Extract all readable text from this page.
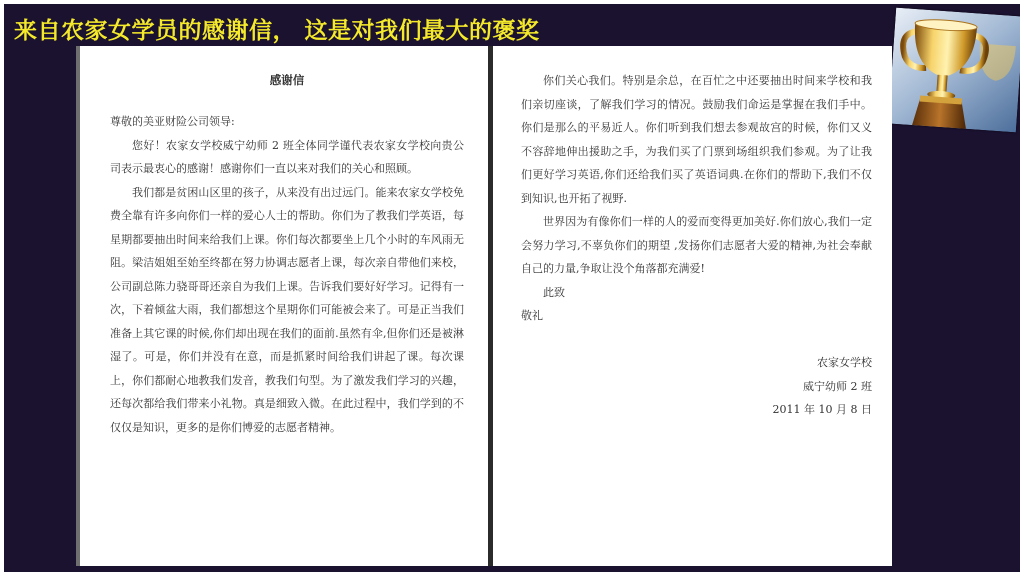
来自农家女学员的感谢信， 这是对我们最大的褒奖

感谢信

尊敬的美亚财险公司领导:

您好！农家女学校威宁幼师 2 班全体同学谨代表农家女学校向贵公司表示最衷心的感谢！感谢你们一直以来对我们的关心和照顾。

我们都是贫困山区里的孩子，从来没有出过远门。能来农家女学校免费全靠有许多向你们一样的爱心人士的帮助。你们为了教我们学英语，每星期都要抽出时间来给我们上课。你们每次都要坐上几个小时的车风雨无阻。梁洁姐姐至始至终都在努力协调志愿者上课，每次亲自带他们来校，公司副总陈力骁哥哥还亲自为我们上课。告诉我们要好好学习。记得有一次，下着倾盆大雨，我们都想这个星期你们可能被会来了。可是正当我们准备上其它课的时候,你们却出现在我们的面前.虽然有伞,但你们还是被淋湿了。可是，你们并没有在意，而是抓紧时间给我们讲起了课。每次课上，你们都耐心地教我们发音，教我们句型。为了激发我们学习的兴趣，还每次都给我们带来小礼物。真是细致入微。在此过程中，我们学到的不仅仅是知识，更多的是你们博爱的志愿者精神。

你们关心我们。特别是余总，在百忙之中还要抽出时间来学校和我们亲切座谈，了解我们学习的情况。鼓励我们命运是掌握在我们手中。你们是那么的平易近人。你们听到我们想去参观故宫的时候，你们又义不容辞地伸出援助之手，为我们买了门票到场组织我们参观。为了让我们更好学习英语,你们还给我们买了英语词典.在你们的帮助下,我们不仅到知识,也开拓了视野.

世界因为有像你们一样的人的爱而变得更加美好.你们放心,我们一定会努力学习,不辜负你们的期望 ,发扬你们志愿者大爱的精神,为社会奉献自己的力量,争取让没个角落都充满爱!

此致

敬礼

农家女学校

威宁幼师 2 班

2011 年 10 月 8 日
